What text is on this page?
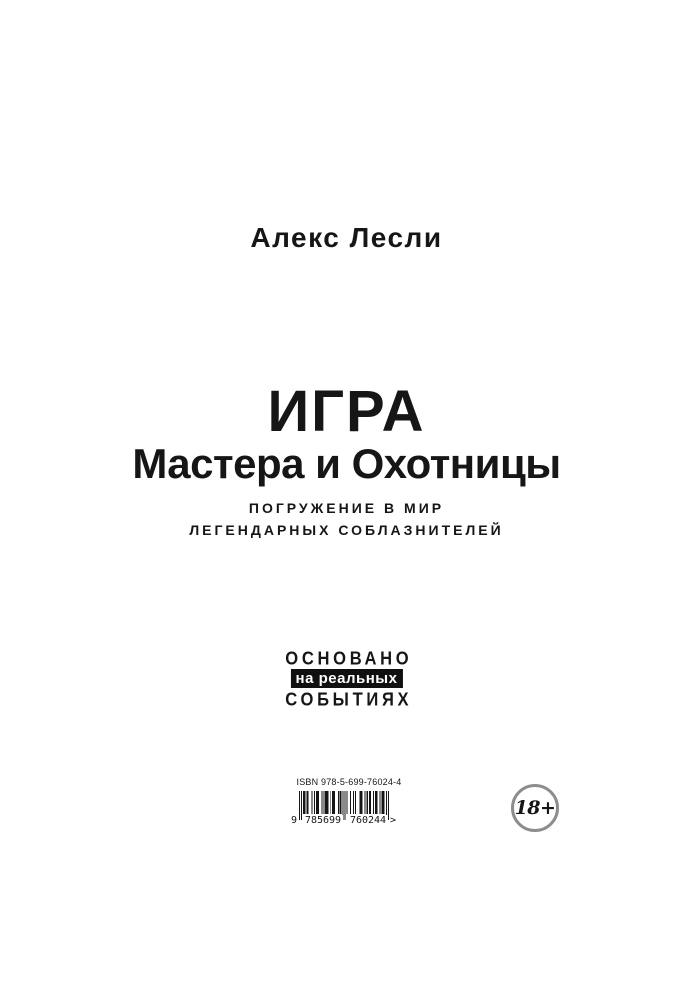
Алекс Лесли
ИГРА
Мастера и Охотницы
ПОГРУЖЕНИЕ В МИР
ЛЕГЕНДАРНЫХ СОБЛАЗНИТЕЛЕЙ
ОСНОВАНО
на реальных
СОБЫТИЯХ
ISBN 978-5-699-76024-4
9 785699 760244 >
18+
